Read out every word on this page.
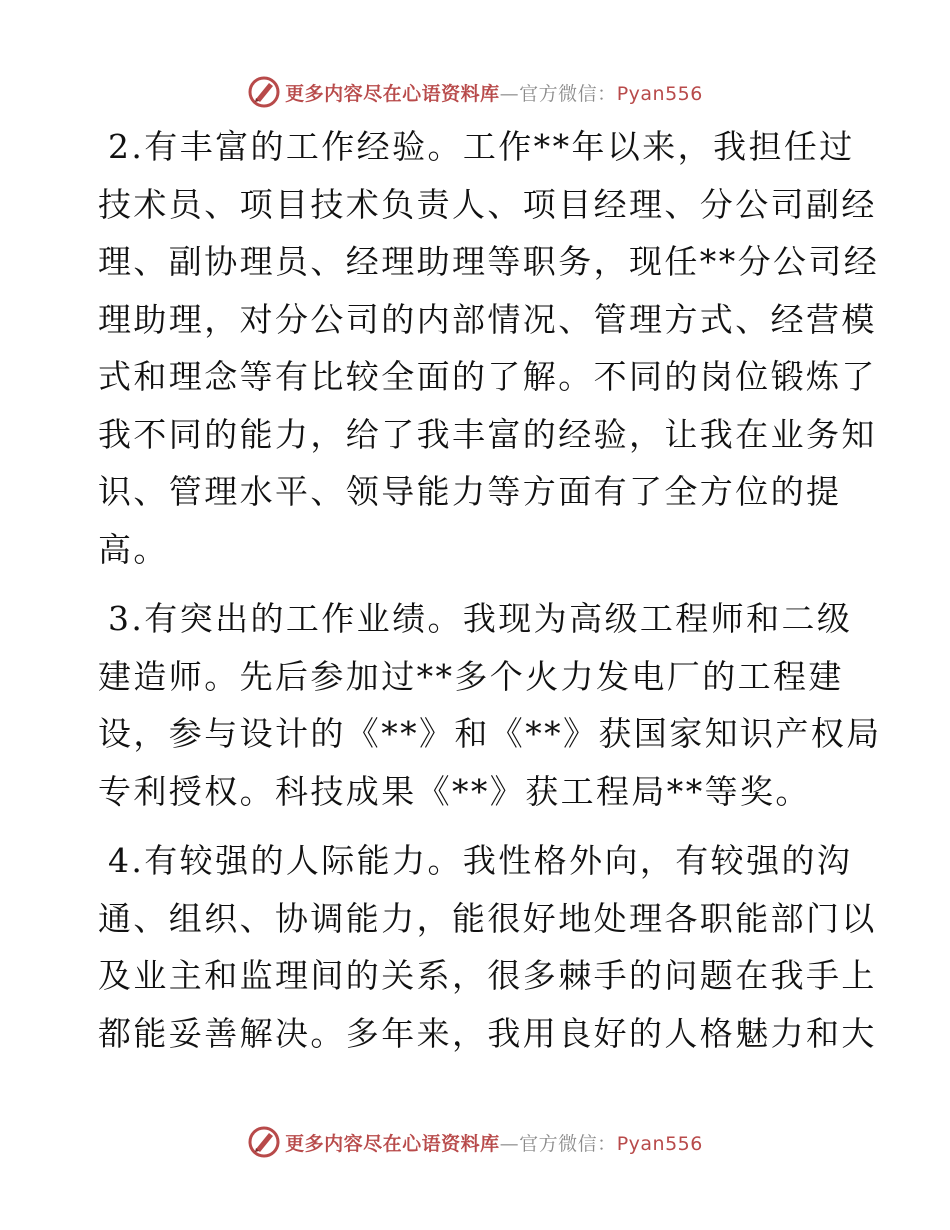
更多内容尽在心语资料库—官方微信：Pyan556
2.有丰富的工作经验。工作**年以来，我担任过
技术员、项目技术负责人、项目经理、分公司副经
理、副协理员、经理助理等职务，现任**分公司经
理助理，对分公司的内部情况、管理方式、经营模
式和理念等有比较全面的了解。不同的岗位锻炼了
我不同的能力，给了我丰富的经验，让我在业务知
识、管理水平、领导能力等方面有了全方位的提
高。
3.有突出的工作业绩。我现为高级工程师和二级
建造师。先后参加过**多个火力发电厂的工程建
设，参与设计的《**》和《**》获国家知识产权局
专利授权。科技成果《**》获工程局**等奖。
4.有较强的人际能力。我性格外向，有较强的沟
通、组织、协调能力，能很好地处理各职能部门以
及业主和监理间的关系，很多棘手的问题在我手上
都能妥善解决。多年来，我用良好的人格魅力和大
更多内容尽在心语资料库—官方微信：Pyan556
